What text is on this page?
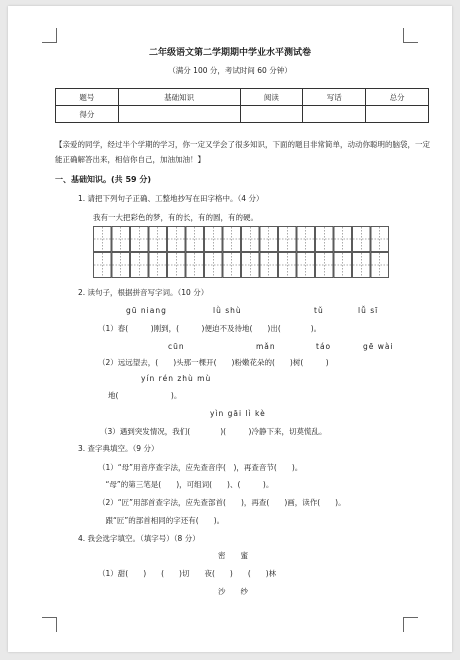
二年级语文第二学期期中学业水平测试卷
（满分 100 分，考试时间 60 分钟）
题号	基础知识	阅读	写话	总分
得分				
【亲爱的同学，经过半个学期的学习，你一定又学会了很多知识，下面的题目非常简单，动动你聪明的脑袋，一定能正确解答出来，相信你自己，加油加油！】
一、基础知识。(共 59 分)
1. 请把下列句子正确、工整地抄写在田字格中。（4 分）
我有一大把彩色的梦，有的长，有的圆，有的硬。
2. 读句子，根据拼音写字词。（10 分）
gū niang	lǜ shù	tǔ	lǚ sī
（1）春(　　　)刚到，(　　　)便迫不及待地(　　)出(　　　　)。
cūn	mǎn	táo	gē wài
（2）远远望去，(　　)头那一棵开(　　)粉嫩花朵的(　　)树(　　　)
yín rén zhù mù
地(　　　　　　　)。
yìn gāi lì kè
（3）遇到突发情况，我们(　　　　)(　　　)冷静下来，切莫慌乱。
3. 查字典填空。（9 分）
（1）“母”用音序查字法，应先查音序(　)，再查音节(　　)。
　“母”的第三笔是(　　)，可组词(　　)、(　　　)。
（2）“匠”用部首查字法，应先查部首(　　)，再查(　　)画，读作(　　)。
　跟“匠”的部首相同的字还有(　　)。
4. 我会选字填空。（填字号）（8 分）
密　　蜜
（1）甜(　　)　　(　　)切　　夜(　　)　　(　　)林
沙　　纱
